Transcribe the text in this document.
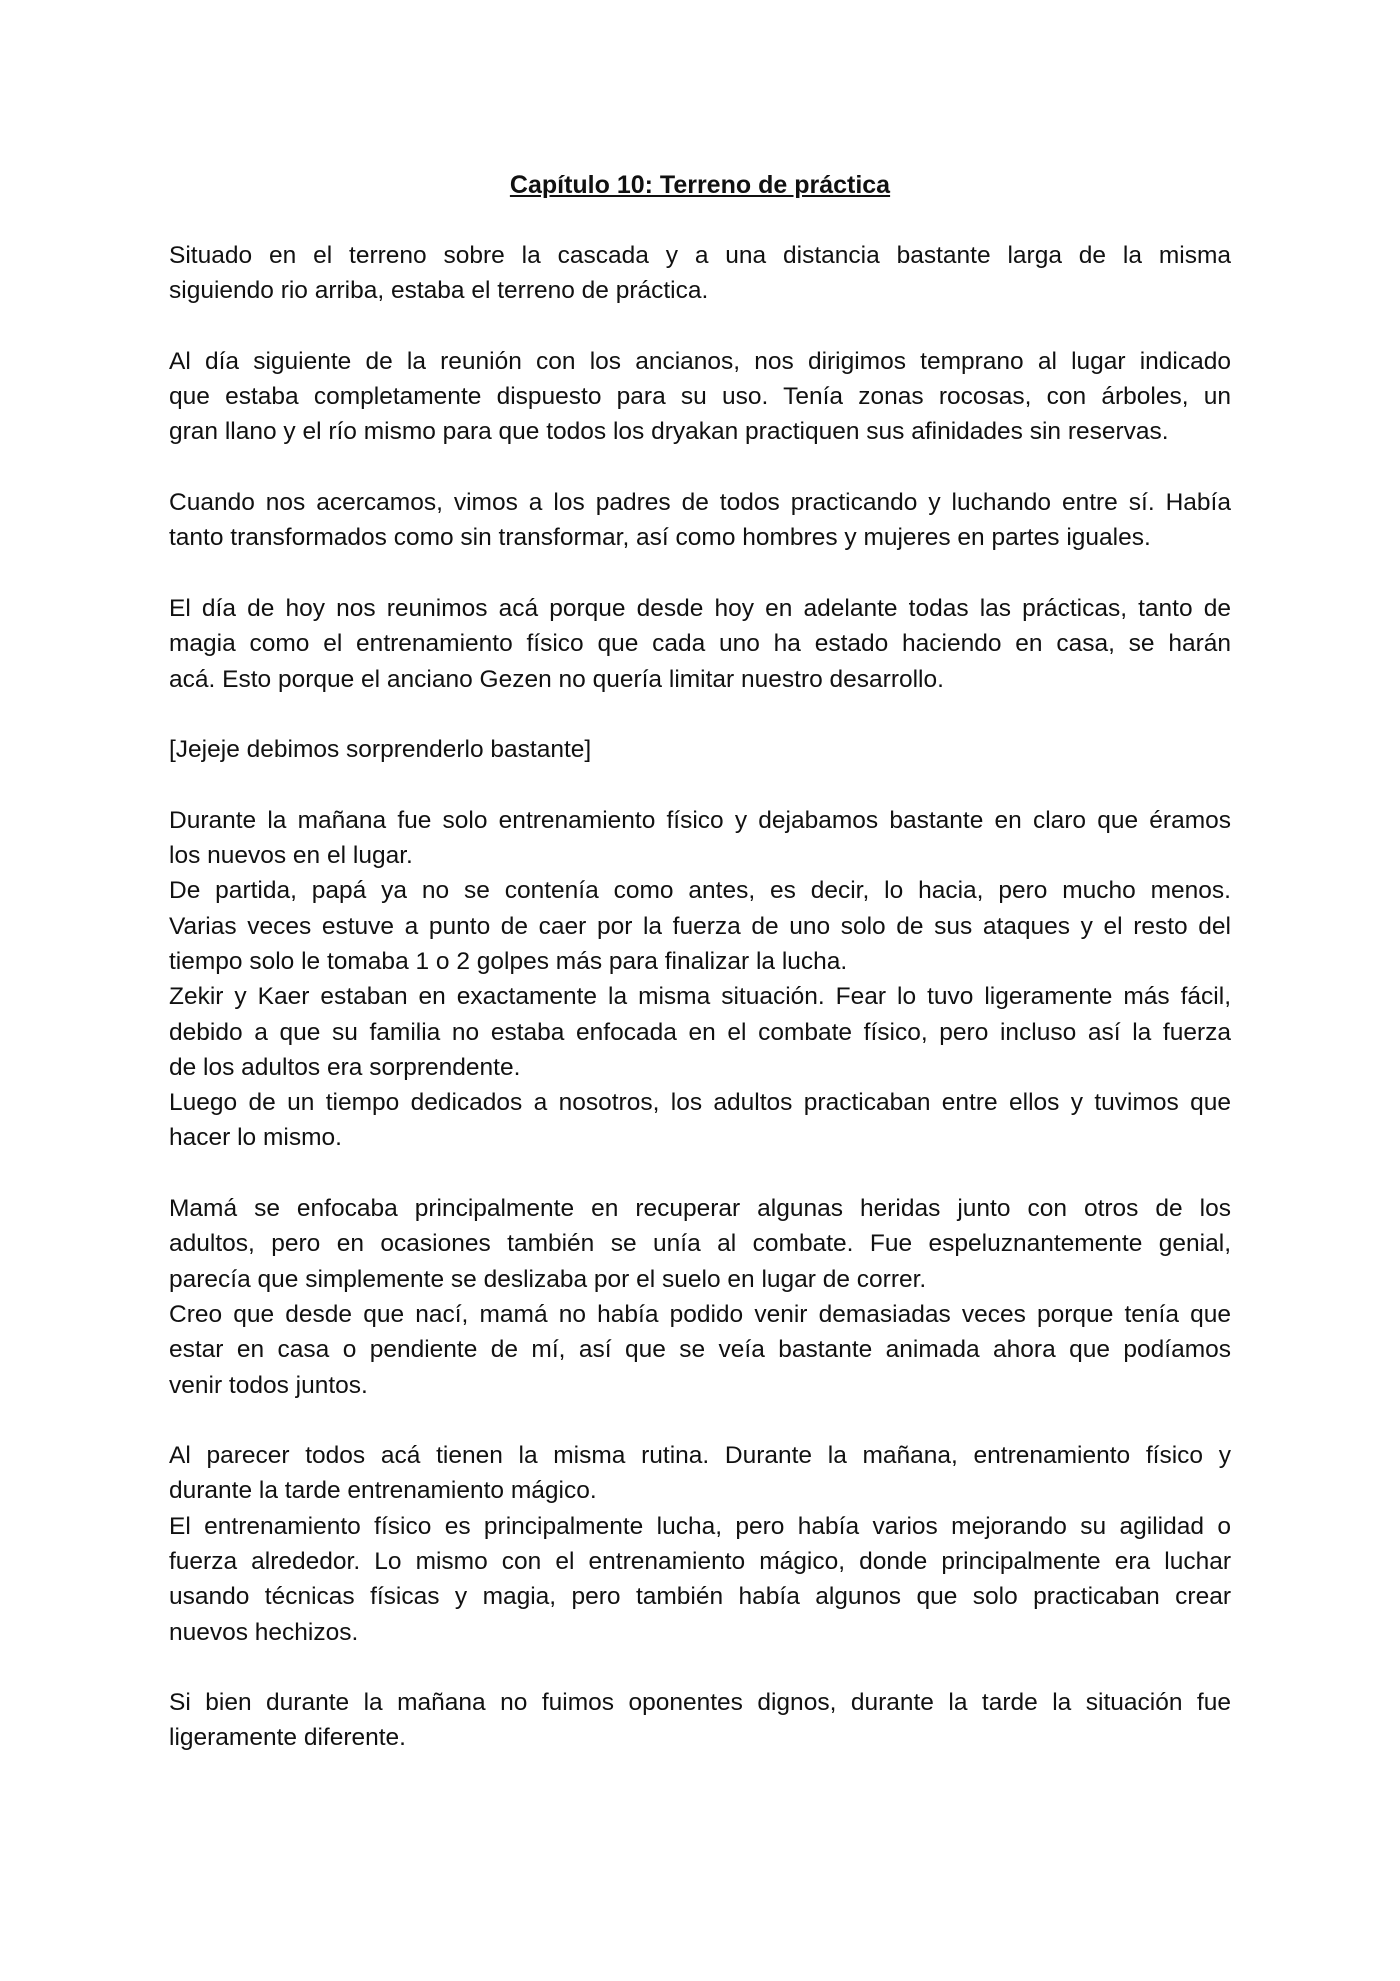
Capítulo 10: Terreno de práctica
Situado en el terreno sobre la cascada y a una distancia bastante larga de la misma
siguiendo rio arriba, estaba el terreno de práctica.
Al día siguiente de la reunión con los ancianos, nos dirigimos temprano al lugar indicado
que estaba completamente dispuesto para su uso. Tenía zonas rocosas, con árboles, un
gran llano y el río mismo para que todos los dryakan practiquen sus afinidades sin reservas.
Cuando nos acercamos, vimos a los padres de todos practicando y luchando entre sí. Había
tanto transformados como sin transformar, así como hombres y mujeres en partes iguales.
El día de hoy nos reunimos acá porque desde hoy en adelante todas las prácticas, tanto de
magia como el entrenamiento físico que cada uno ha estado haciendo en casa, se harán
acá. Esto porque el anciano Gezen no quería limitar nuestro desarrollo.
[Jejeje debimos sorprenderlo bastante]
Durante la mañana fue solo entrenamiento físico y dejabamos bastante en claro que éramos
los nuevos en el lugar.
De partida, papá ya no se contenía como antes, es decir, lo hacia, pero mucho menos.
Varias veces estuve a punto de caer por la fuerza de uno solo de sus ataques y el resto del
tiempo solo le tomaba 1 o 2 golpes más para finalizar la lucha.
Zekir y Kaer estaban en exactamente la misma situación. Fear lo tuvo ligeramente más fácil,
debido a que su familia no estaba enfocada en el combate físico, pero incluso así la fuerza
de los adultos era sorprendente.
Luego de un tiempo dedicados a nosotros, los adultos practicaban entre ellos y tuvimos que
hacer lo mismo.
Mamá se enfocaba principalmente en recuperar algunas heridas junto con otros de los
adultos, pero en ocasiones también se unía al combate. Fue espeluznantemente genial,
parecía que simplemente se deslizaba por el suelo en lugar de correr.
Creo que desde que nací, mamá no había podido venir demasiadas veces porque tenía que
estar en casa o pendiente de mí, así que se veía bastante animada ahora que podíamos
venir todos juntos.
Al parecer todos acá tienen la misma rutina. Durante la mañana, entrenamiento físico y
durante la tarde entrenamiento mágico.
El entrenamiento físico es principalmente lucha, pero había varios mejorando su agilidad o
fuerza alrededor. Lo mismo con el entrenamiento mágico, donde principalmente era luchar
usando técnicas físicas y magia, pero también había algunos que solo practicaban crear
nuevos hechizos.
Si bien durante la mañana no fuimos oponentes dignos, durante la tarde la situación fue
ligeramente diferente.
